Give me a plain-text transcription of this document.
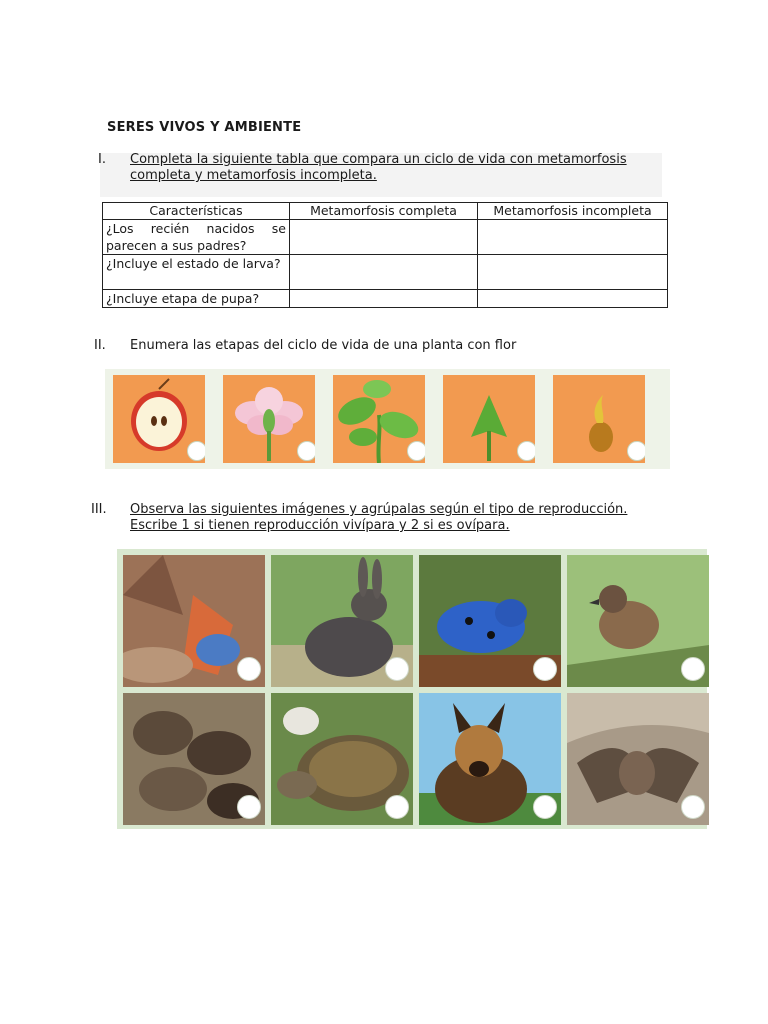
SERES VIVOS Y AMBIENTE
I. Completa la siguiente tabla que compara un ciclo de vida con metamorfosis
completa y metamorfosis incompleta.
Características	Metamorfosis completa	Metamorfosis incompleta
¿Los recién nacidos se parecen a sus padres?		
¿Incluye el estado de larva?		
¿Incluye etapa de pupa?		
II. Enumera las etapas del ciclo de vida de una planta con flor
III. Observa las siguientes imágenes y agrúpalas según el tipo de reproducción.
Escribe 1 si tienen reproducción vivípara y 2 si es ovípara.
